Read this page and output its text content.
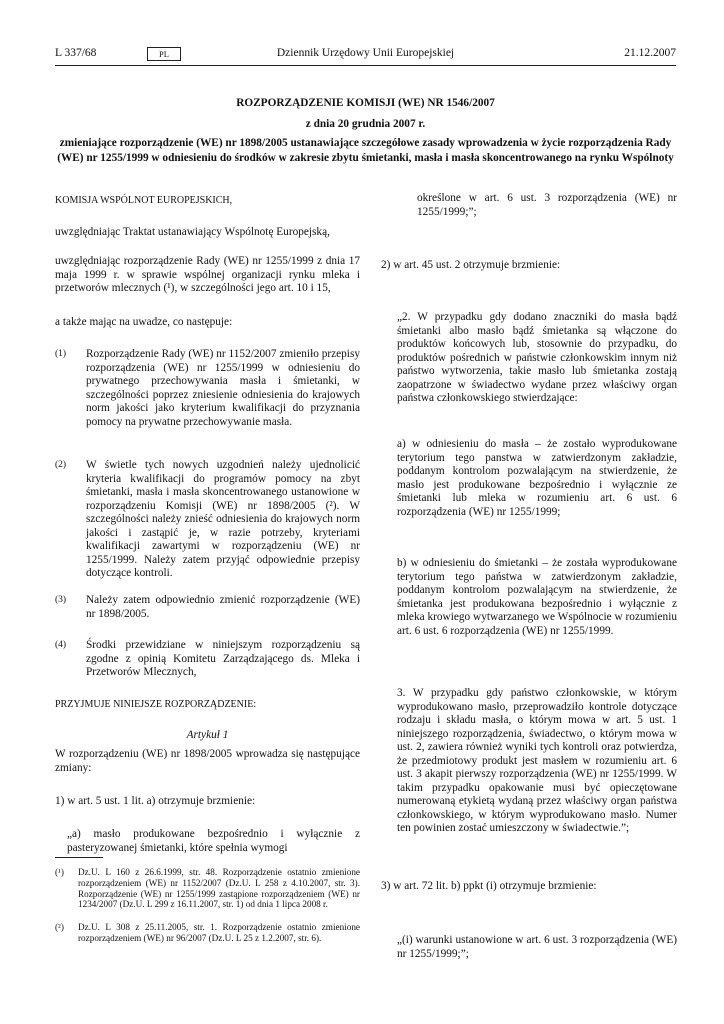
L 337/68	PL	Dziennik Urzędowy Unii Europejskiej	21.12.2007
ROZPORZĄDZENIE KOMISJI (WE) NR 1546/2007
z dnia 20 grudnia 2007 r.
zmieniające rozporządzenie (WE) nr 1898/2005 ustanawiające szczegółowe zasady wprowadzenia w życie rozporządzenia Rady (WE) nr 1255/1999 w odniesieniu do środków w zakresie zbytu śmietanki, masła i masła skoncentrowanego na rynku Wspólnoty
KOMISJA WSPÓLNOT EUROPEJSKICH,
uwzględniając Traktat ustanawiający Wspólnotę Europejską,
uwzględniając rozporządzenie Rady (WE) nr 1255/1999 z dnia 17 maja 1999 r. w sprawie wspólnej organizacji rynku mleka i przetworów mlecznych (¹), w szczególności jego art. 10 i 15,
a także mając na uwadze, co następuje:
(1) Rozporządzenie Rady (WE) nr 1152/2007 zmieniło przepisy rozporządzenia (WE) nr 1255/1999 w odniesieniu do prywatnego przechowywania masła i śmietanki, w szczególności poprzez zniesienie odniesienia do krajowych norm jakości jako kryterium kwalifikacji do przyznania pomocy na prywatne przechowywanie masła.
(2) W świetle tych nowych uzgodnień należy ujednolicić kryteria kwalifikacji do programów pomocy na zbyt śmietanki, masła i masła skoncentrowanego ustanowione w rozporządzeniu Komisji (WE) nr 1898/2005 (²). W szczególności należy znieść odniesienia do krajowych norm jakości i zastąpić je, w razie potrzeby, kryteriami kwalifikacji zawartymi w rozporządzeniu (WE) nr 1255/1999. Należy zatem przyjąć odpowiednie przepisy dotyczące kontroli.
(3) Należy zatem odpowiednio zmienić rozporządzenie (WE) nr 1898/2005.
(4) Środki przewidziane w niniejszym rozporządzeniu są zgodne z opinią Komitetu Zarządzającego ds. Mleka i Przetworów Mlecznych,
PRZYJMUJE NINIEJSZE ROZPORZĄDZENIE:
Artykuł 1
W rozporządzeniu (WE) nr 1898/2005 wprowadza się następujące zmiany:
1) w art. 5 ust. 1 lit. a) otrzymuje brzmienie:
„a) masło produkowane bezpośrednio i wyłącznie z pasteryzowanej śmietanki, które spełnia wymogi
(¹) Dz.U. L 160 z 26.6.1999, str. 48. Rozporządzenie ostatnio zmienione rozporządzeniem (WE) nr 1152/2007 (Dz.U. L 258 z 4.10.2007, str. 3). Rozporządzenie (WE) nr 1255/1999 zastąpione rozporządzeniem (WE) nr 1234/2007 (Dz.U. L 299 z 16.11.2007, str. 1) od dnia 1 lipca 2008 r.
(²) Dz.U. L 308 z 25.11.2005, str. 1. Rozporządzenie ostatnio zmienione rozporządzeniem (WE) nr 96/2007 (Dz.U. L 25 z 1.2.2007, str. 6).
określone w art. 6 ust. 3 rozporządzenia (WE) nr 1255/1999;”;
2) w art. 45 ust. 2 otrzymuje brzmienie:
„2. W przypadku gdy dodano znaczniki do masła bądź śmietanki albo masło bądź śmietanka są włączone do produktów końcowych lub, stosownie do przypadku, do produktów pośrednich w państwie członkowskim innym niż państwo wytworzenia, takie masło lub śmietanka zostają zaopatrzone w świadectwo wydane przez właściwy organ państwa członkowskiego stwierdzające:
a) w odniesieniu do masła – że zostało wyprodukowane terytorium tego panstwa w zatwierdzonym zakładzie, poddanym kontrolom pozwalającym na stwierdzenie, że masło jest produkowane bezpośrednio i wyłącznie ze śmietanki lub mleka w rozumieniu art. 6 ust. 6 rozporządzenia (WE) nr 1255/1999;
b) w odniesieniu do śmietanki – że została wyprodukowane terytorium tego państwa w zatwierdzonym zakładzie, poddanym kontrolom pozwalającym na stwierdzenie, że śmietanka jest produkowana bezpośrednio i wyłącznie z mleka krowiego wytwarzanego we Wspólnocie w rozumieniu art. 6 ust. 6 rozporządzenia (WE) nr 1255/1999.
3. W przypadku gdy państwo członkowskie, w którym wyprodukowano masło, przeprowadziło kontrole dotyczące rodzaju i składu masła, o którym mowa w art. 5 ust. 1 niniejszego rozporządzenia, świadectwo, o którym mowa w ust. 2, zawiera również wyniki tych kontroli oraz potwierdza, że przedmiotowy produkt jest masłem w rozumieniu art. 6 ust. 3 akapit pierwszy rozporządzenia (WE) nr 1255/1999. W takim przypadku opakowanie musi być opieczętowane numerowaną etykietą wydaną przez właściwy organ państwa członkowskiego, w którym wyprodukowano masło. Numer ten powinien zostać umieszczony w świadectwie.”;
3) w art. 72 lit. b) ppkt (i) otrzymuje brzmienie:
„(i) warunki ustanowione w art. 6 ust. 3 rozporządzenia (WE) nr 1255/1999;”;
